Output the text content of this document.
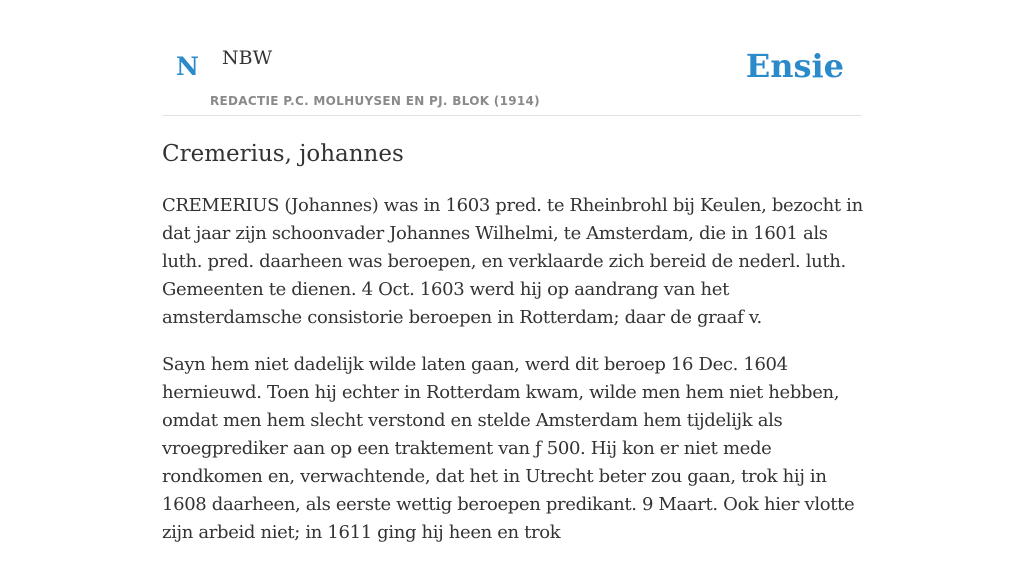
N NBW
REDACTIE P.C. MOLHUYSEN EN PJ. BLOK (1914)
Ensie
Cremerius, johannes

CREMERIUS (Johannes) was in 1603 pred. te Rheinbrohl bij Keulen, bezocht in dat jaar zijn schoonvader Johannes Wilhelmi, te Amsterdam, die in 1601 als luth. pred. daarheen was beroepen, en verklaarde zich bereid de nederl. luth. Gemeenten te dienen. 4 Oct. 1603 werd hij op aandrang van het amsterdamsche consistorie beroepen in Rotterdam; daar de graaf v.

Sayn hem niet dadelijk wilde laten gaan, werd dit beroep 16 Dec. 1604 hernieuwd. Toen hij echter in Rotterdam kwam, wilde men hem niet hebben, omdat men hem slecht verstond en stelde Amsterdam hem tijdelijk als vroegprediker aan op een traktement van ƒ 500. Hij kon er niet mede rondkomen en, verwachtende, dat het in Utrecht beter zou gaan, trok hij in 1608 daarheen, als eerste wettig beroepen predikant. 9 Maart. Ook hier vlotte zijn arbeid niet; in 1611 ging hij heen en trok
